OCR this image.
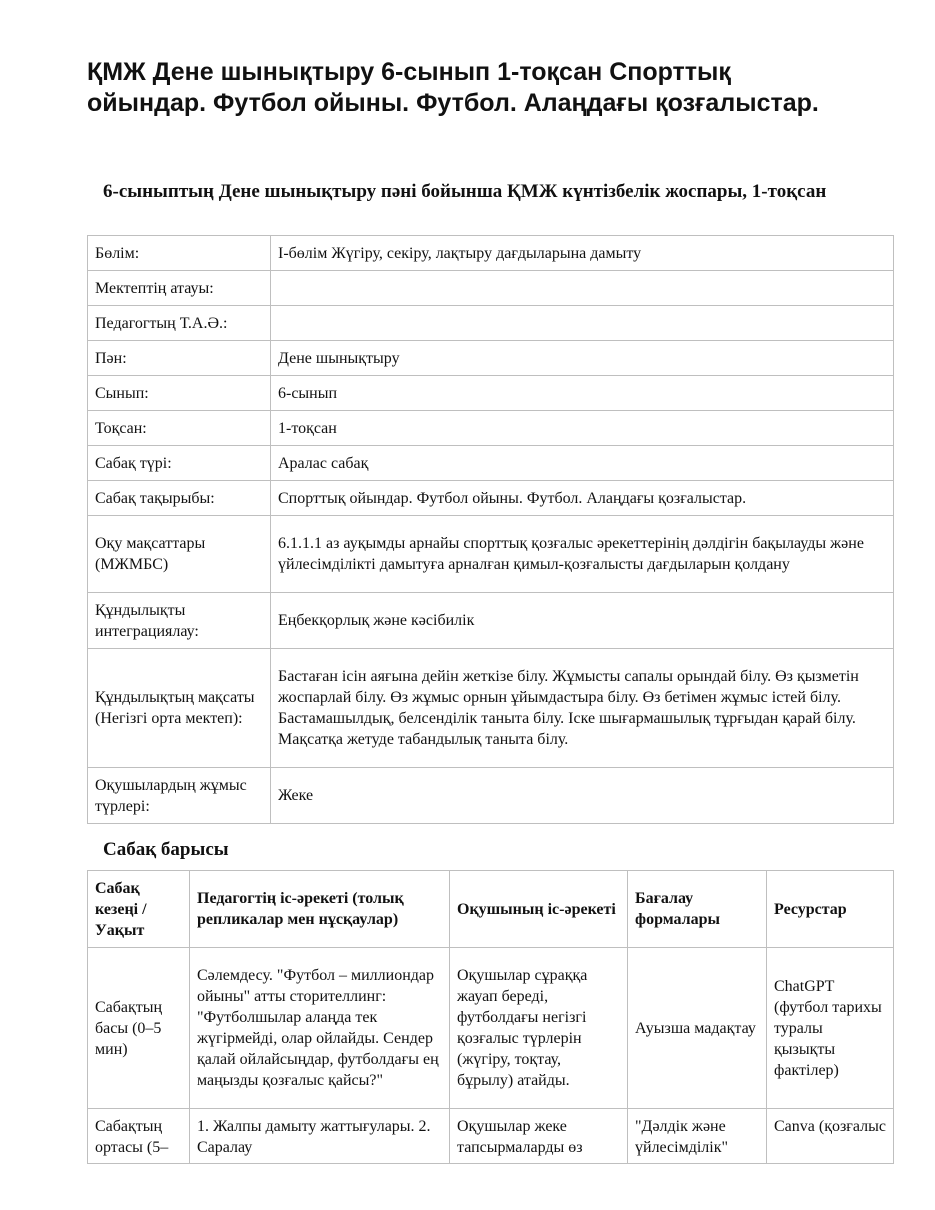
ҚМЖ Дене шынықтыру 6-сынып 1-тоқсан Спорттық ойындар. Футбол ойыны. Футбол. Алаңдағы қозғалыстар.
6-сыныптың Дене шынықтыру пәні бойынша ҚМЖ күнтізбелік жоспары, 1-тоқсан
Бөлім:	I-бөлім Жүгіру, секіру, лақтыру дағдыларына дамыту
Мектептің атауы:	
Педагогтың Т.А.Ә.:	
Пән:	Дене шынықтыру
Сынып:	6-сынып
Тоқсан:	1-тоқсан
Сабақ түрі:	Аралас сабақ
Сабақ тақырыбы:	Спорттық ойындар. Футбол ойыны. Футбол. Алаңдағы қозғалыстар.
Оқу мақсаттары (МЖМБС)	6.1.1.1 аз ауқымды арнайы спорттық қозғалыс әрекеттерінің дәлдігін бақылауды және үйлесімділікті дамытуға арналған қимыл-қозғалысты дағдыларын қолдану
Құндылықты интеграциялау:	Еңбекқорлық және кәсібилік
Құндылықтың мақсаты (Негізгі орта мектеп):	Бастаған ісін аяғына дейін жеткізе білу. Жұмысты сапалы орындай білу. Өз қызметін жоспарлай білу. Өз жұмыс орнын ұйымдастыра білу. Өз бетімен жұмыс істей білу. Бастамашылдық, белсенділік таныта білу. Іске шығармашылық тұрғыдан қарай білу. Мақсатқа жетуде табандылық таныта білу.
Оқушылардың жұмыс түрлері:	Жеке
Сабақ барысы
Сабақ кезеңі / Уақыт	Педагогтің іс-әрекеті (толық репликалар мен нұсқаулар)	Оқушының іс-әрекеті	Бағалау формалары	Ресурстар
Сабақтың басы (0–5 мин)	Сәлемдесу. "Футбол – миллиондар ойыны" атты сторителлинг: "Футболшылар алаңда тек жүгірмейді, олар ойлайды. Сендер қалай ойлайсыңдар, футболдағы ең маңызды қозғалыс қайсы?"	Оқушылар сұраққа жауап береді, футболдағы негізгі қозғалыс түрлерін (жүгіру, тоқтау, бұрылу) атайды.	Ауызша мадақтау	ChatGPT (футбол тарихы туралы қызықты фактілер)
Сабақтың ортасы (5–	1. Жалпы дамыту жаттығулары. 2. Саралау	Оқушылар жеке тапсырмаларды өз	"Дәлдік және үйлесімділік"	Canva (қозғалыс
